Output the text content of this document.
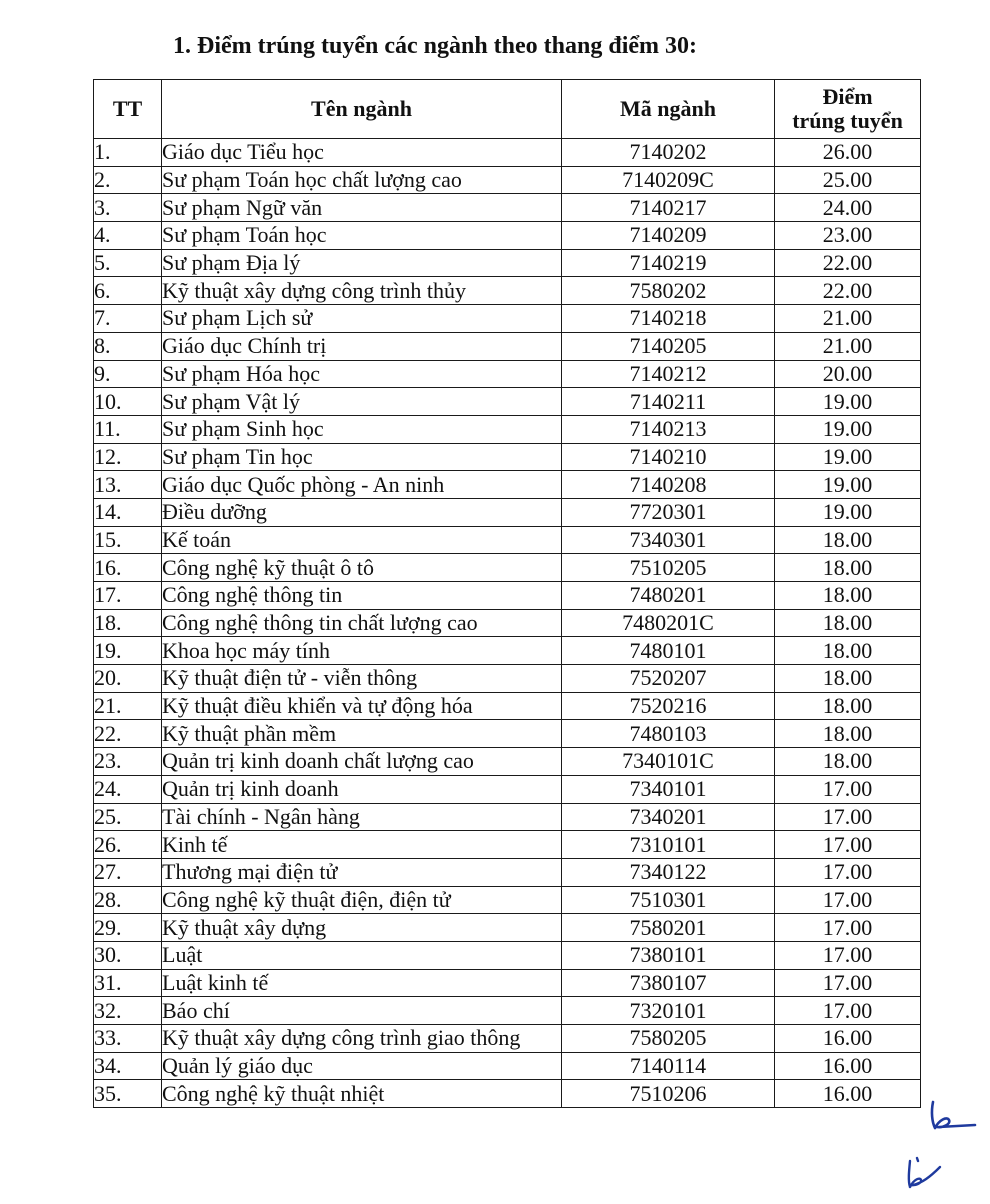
1. Điểm trúng tuyển các ngành theo thang điểm 30:
TT	Tên ngành	Mã ngành	Điểm
trúng tuyển

1.	Giáo dục Tiểu học	7140202	26.00
2.	Sư phạm Toán học chất lượng cao	7140209C	25.00
3.	Sư phạm Ngữ văn	7140217	24.00
4.	Sư phạm Toán học	7140209	23.00
5.	Sư phạm Địa lý	7140219	22.00
6.	Kỹ thuật xây dựng công trình thủy	7580202	22.00
7.	Sư phạm Lịch sử	7140218	21.00
8.	Giáo dục Chính trị	7140205	21.00
9.	Sư phạm Hóa học	7140212	20.00
10.	Sư phạm Vật lý	7140211	19.00
11.	Sư phạm Sinh học	7140213	19.00
12.	Sư phạm Tin học	7140210	19.00
13.	Giáo dục Quốc phòng - An ninh	7140208	19.00
14.	Điều dưỡng	7720301	19.00
15.	Kế toán	7340301	18.00
16.	Công nghệ kỹ thuật ô tô	7510205	18.00
17.	Công nghệ thông tin	7480201	18.00
18.	Công nghệ thông tin chất lượng cao	7480201C	18.00
19.	Khoa học máy tính	7480101	18.00
20.	Kỹ thuật điện tử - viễn thông	7520207	18.00
21.	Kỹ thuật điều khiển và tự động hóa	7520216	18.00
22.	Kỹ thuật phần mềm	7480103	18.00
23.	Quản trị kinh doanh chất lượng cao	7340101C	18.00
24.	Quản trị kinh doanh	7340101	17.00
25.	Tài chính - Ngân hàng	7340201	17.00
26.	Kinh tế	7310101	17.00
27.	Thương mại điện tử	7340122	17.00
28.	Công nghệ kỹ thuật điện, điện tử	7510301	17.00
29.	Kỹ thuật xây dựng	7580201	17.00
30.	Luật	7380101	17.00
31.	Luật kinh tế	7380107	17.00
32.	Báo chí	7320101	17.00
33.	Kỹ thuật xây dựng công trình giao thông	7580205	16.00
34.	Quản lý giáo dục	7140114	16.00
35.	Công nghệ kỹ thuật nhiệt	7510206	16.00
